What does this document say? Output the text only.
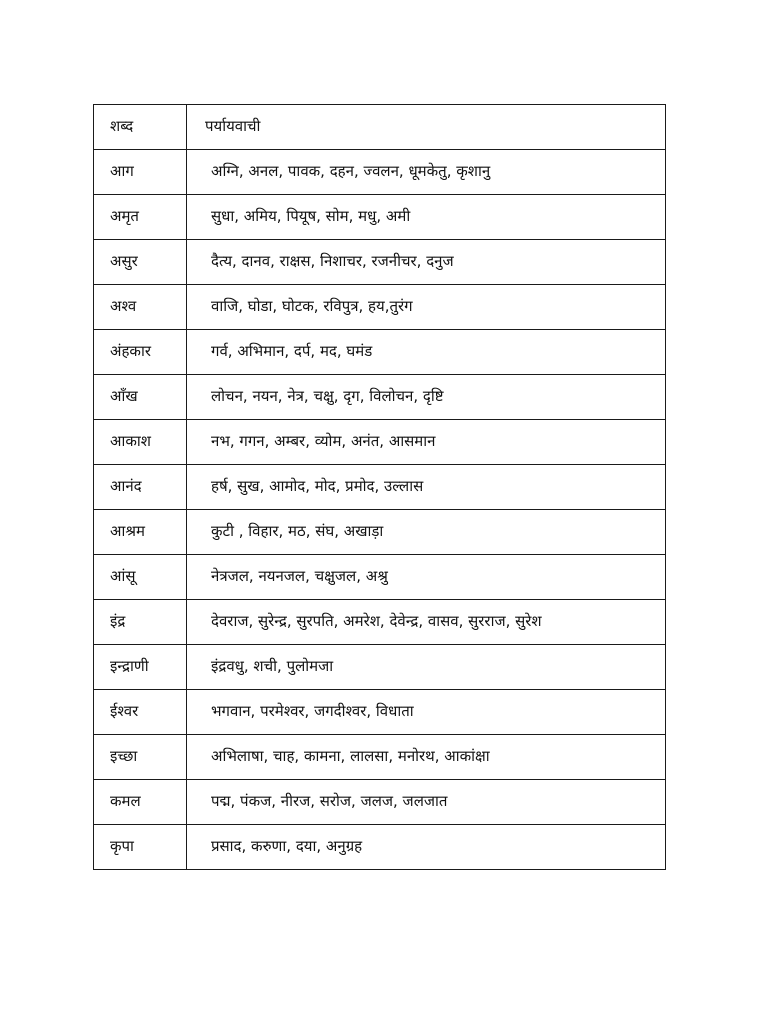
शब्द	पर्यायवाची
आग	अग्नि, अनल, पावक, दहन, ज्वलन, धूमकेतु, कृशानु
अमृत	सुधा, अमिय, पियूष, सोम, मधु, अमी
असुर	दैत्य, दानव, राक्षस, निशाचर, रजनीचर, दनुज
अश्व	वाजि, घोडा, घोटक, रविपुत्र, हय,तुरंग
अंहकार	गर्व, अभिमान, दर्प, मद, घमंड
आँख	लोचन, नयन, नेत्र, चक्षु, दृग, विलोचन, दृष्टि
आकाश	नभ, गगन, अम्बर, व्योम, अनंत, आसमान
आनंद	हर्ष, सुख, आमोद, मोद, प्रमोद, उल्लास
आश्रम	कुटी , विहार, मठ, संघ, अखाड़ा
आंसू	नेत्रजल, नयनजल, चक्षुजल, अश्रु
इंद्र	देवराज, सुरेन्द्र, सुरपति, अमरेश, देवेन्द्र, वासव, सुरराज, सुरेश
इन्द्राणी	इंद्रवधु, शची, पुलोमजा
ईश्वर	भगवान, परमेश्वर, जगदीश्वर, विधाता
इच्छा	अभिलाषा, चाह, कामना, लालसा, मनोरथ, आकांक्षा
कमल	पद्म, पंकज, नीरज, सरोज, जलज, जलजात
कृपा	प्रसाद, करुणा, दया, अनुग्रह
